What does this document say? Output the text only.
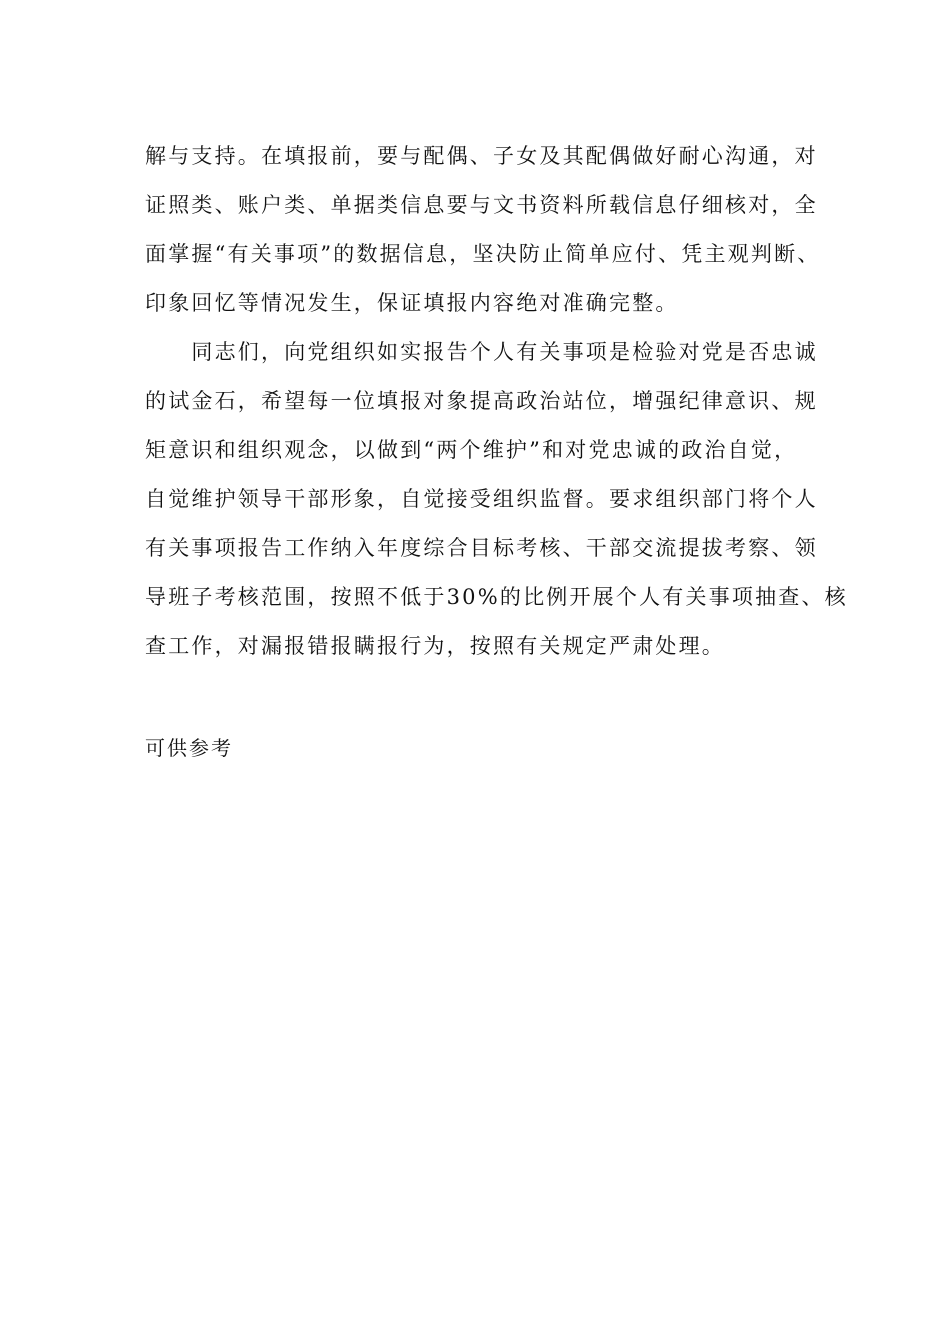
解与支持。在填报前，要与配偶、子女及其配偶做好耐心沟通，对
证照类、账户类、单据类信息要与文书资料所载信息仔细核对，全
面掌握“有关事项”的数据信息，坚决防止简单应付、凭主观判断、
印象回忆等情况发生，保证填报内容绝对准确完整。
　　同志们，向党组织如实报告个人有关事项是检验对党是否忠诚
的试金石，希望每一位填报对象提高政治站位，增强纪律意识、规
矩意识和组织观念，以做到“两个维护”和对党忠诚的政治自觉，
自觉维护领导干部形象，自觉接受组织监督。要求组织部门将个人
有关事项报告工作纳入年度综合目标考核、干部交流提拔考察、领
导班子考核范围，按照不低于30%的比例开展个人有关事项抽查、核
查工作，对漏报错报瞒报行为，按照有关规定严肃处理。
可供参考
